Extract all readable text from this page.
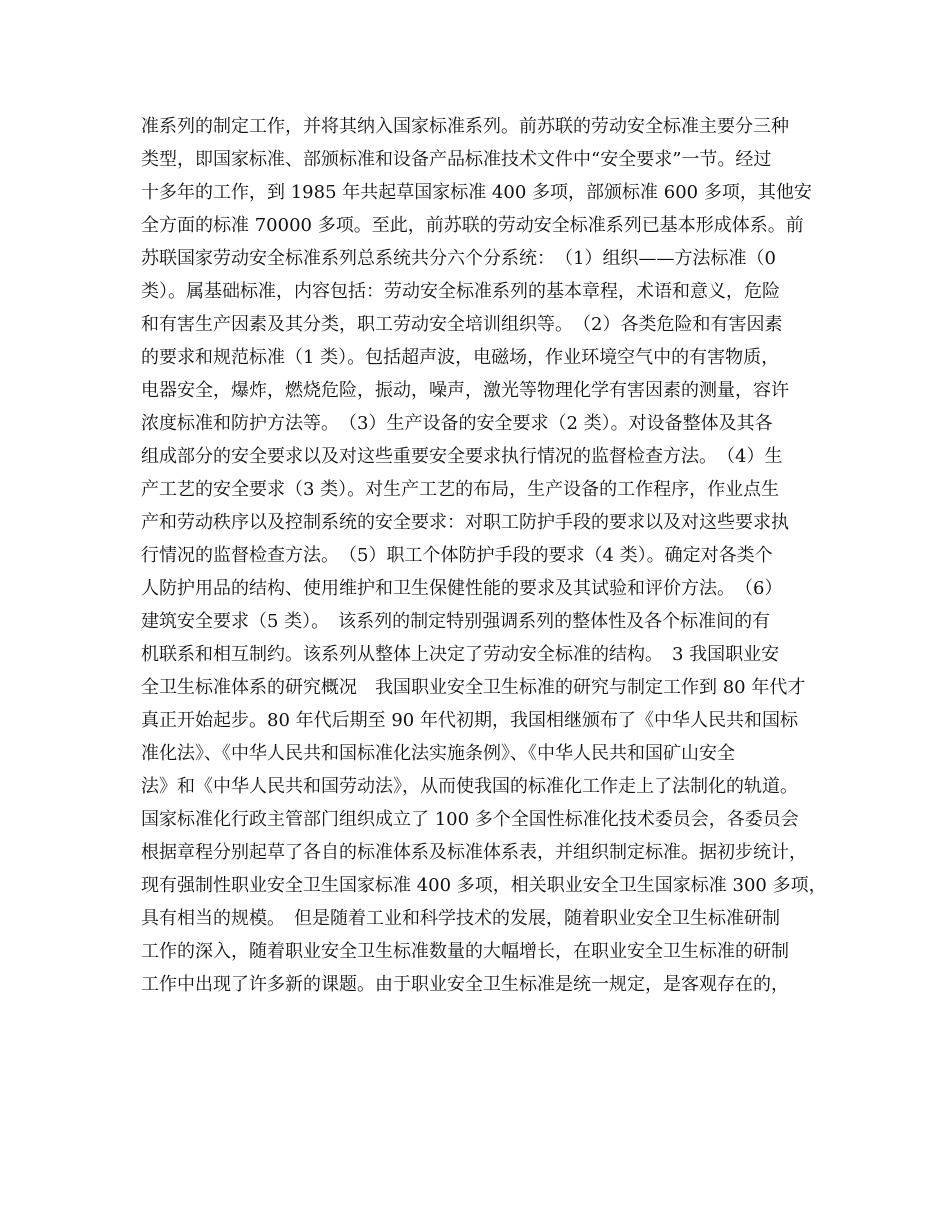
准系列的制定工作，并将其纳入国家标准系列。前苏联的劳动安全标准主要分三种
类型，即国家标准、部颁标准和设备产品标准技术文件中“安全要求”一节。经过
十多年的工作，到 1985 年共起草国家标准 400 多项，部颁标准 600 多项，其他安
全方面的标准 70000 多项。至此，前苏联的劳动安全标准系列已基本形成体系。前
苏联国家劳动安全标准系列总系统共分六个分系统：　（1）组织——方法标准（0
类）。属基础标准，内容包括：劳动安全标准系列的基本章程，术语和意义，危险
和有害生产因素及其分类，职工劳动安全培训组织等。　（2）各类危险和有害因素
的要求和规范标准（1 类）。包括超声波，电磁场，作业环境空气中的有害物质，
电器安全，爆炸，燃烧危险，振动，噪声，激光等物理化学有害因素的测量，容许
浓度标准和防护方法等。　（3）生产设备的安全要求（2 类）。对设备整体及其各
组成部分的安全要求以及对这些重要安全要求执行情况的监督检查方法。　（4）生
产工艺的安全要求（3 类）。对生产工艺的布局，生产设备的工作程序，作业点生
产和劳动秩序以及控制系统的安全要求：对职工防护手段的要求以及对这些要求执
行情况的监督检查方法。　（5）职工个体防护手段的要求（4 类）。确定对各类个
人防护用品的结构、使用维护和卫生保健性能的要求及其试验和评价方法。　（6）
建筑安全要求（5 类）。　该系列的制定特别强调系列的整体性及各个标准间的有
机联系和相互制约。该系列从整体上决定了劳动安全标准的结构。　3 我国职业安
全卫生标准体系的研究概况　我国职业安全卫生标准的研究与制定工作到 80 年代才
真正开始起步。80 年代后期至 90 年代初期，我国相继颁布了《中华人民共和国标
准化法》、《中华人民共和国标准化法实施条例》、《中华人民共和国矿山安全
法》和《中华人民共和国劳动法》，从而使我国的标准化工作走上了法制化的轨道。
国家标准化行政主管部门组织成立了 100 多个全国性标准化技术委员会，各委员会
根据章程分别起草了各自的标准体系及标准体系表，并组织制定标准。据初步统计，
现有强制性职业安全卫生国家标准 400 多项，相关职业安全卫生国家标准 300 多项，
具有相当的规模。　但是随着工业和科学技术的发展，随着职业安全卫生标准研制
工作的深入，随着职业安全卫生标准数量的大幅增长，在职业安全卫生标准的研制
工作中出现了许多新的课题。由于职业安全卫生标准是统一规定，是客观存在的，
